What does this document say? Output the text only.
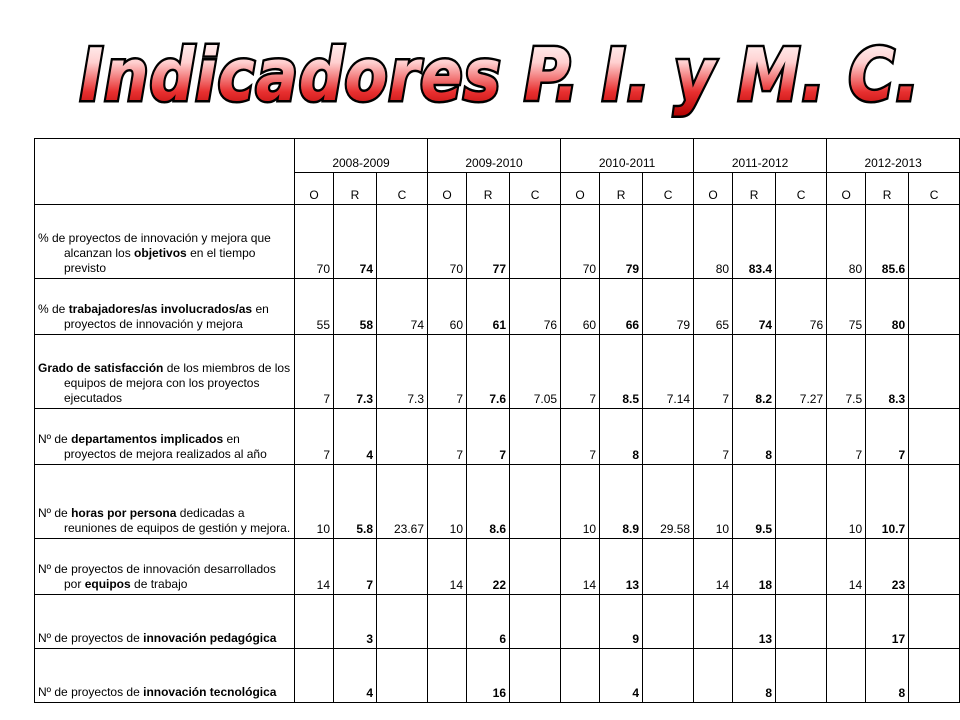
Indicadores P. I. y M. C.
	2008-2009			2009-2010			2010-2011			2011-2012			2012-2013		
	O	R	C	O	R	C	O	R	C	O	R	C	O	R	C

% de proyectos de innovación y mejora que alcanzan los objetivos en el tiempo previsto	70	74		70	77		70	79		80	83.4		80	85.6	

% de trabajadores/as involucrados/as en proyectos de innovación y mejora	55	58	74	60	61	76	60	66	79	65	74	76	75	80	

Grado de satisfacción de los miembros de los equipos de mejora con los proyectos ejecutados	7	7.3	7.3	7	7.6	7.05	7	8.5	7.14	7	8.2	7.27	7.5	8.3	

Nº de departamentos implicados en proyectos de mejora realizados al año	7	4		7	7		7	8		7	8		7	7	

Nº de horas por persona dedicadas a reuniones de equipos de gestión y mejora.	10	5.8	23.67	10	8.6		10	8.9	29.58	10	9.5		10	10.7	

Nº de proyectos de innovación desarrollados por equipos de trabajo	14	7		14	22		14	13		14	18		14	23	

Nº de proyectos de innovación pedagógica		3			6			9			13			17	

Nº de proyectos de innovación tecnológica		4			16			4			8			8	
